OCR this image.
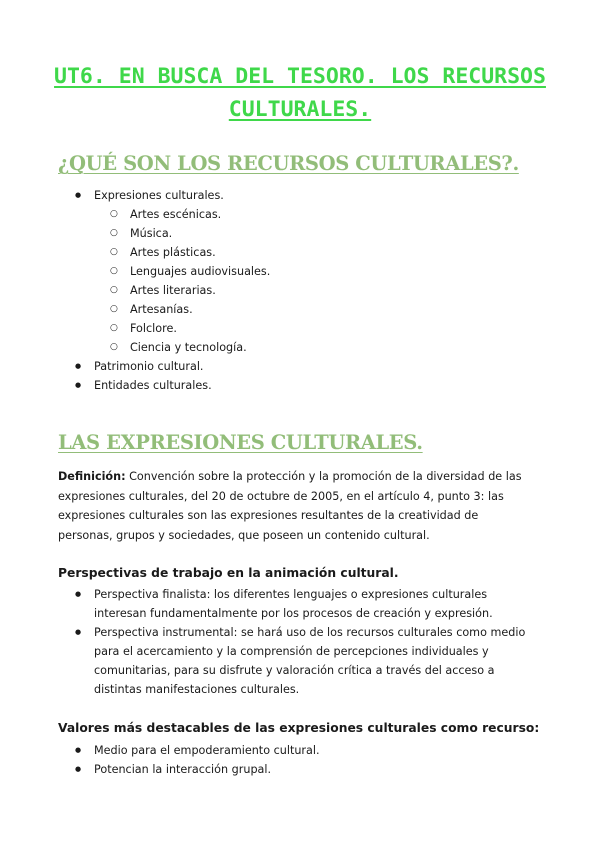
UT6. EN BUSCA DEL TESORO. LOS RECURSOS CULTURALES.
¿QUÉ SON LOS RECURSOS CULTURALES?.
● Expresiones culturales.
○ Artes escénicas.
○ Música.
○ Artes plásticas.
○ Lenguajes audiovisuales.
○ Artes literarias.
○ Artesanías.
○ Folclore.
○ Ciencia y tecnología.
● Patrimonio cultural.
● Entidades culturales.
LAS EXPRESIONES CULTURALES.

Definición: Convención sobre la protección y la promoción de la diversidad de las expresiones culturales, del 20 de octubre de 2005, en el artículo 4, punto 3: las expresiones culturales son las expresiones resultantes de la creatividad de personas, grupos y sociedades, que poseen un contenido cultural.

Perspectivas de trabajo en la animación cultural.
● Perspectiva finalista: los diferentes lenguajes o expresiones culturales interesan fundamentalmente por los procesos de creación y expresión.
● Perspectiva instrumental: se hará uso de los recursos culturales como medio para el acercamiento y la comprensión de percepciones individuales y comunitarias, para su disfrute y valoración crítica a través del acceso a distintas manifestaciones culturales.
Valores más destacables de las expresiones culturales como recurso:
● Medio para el empoderamiento cultural.
● Potencian la interacción grupal.
